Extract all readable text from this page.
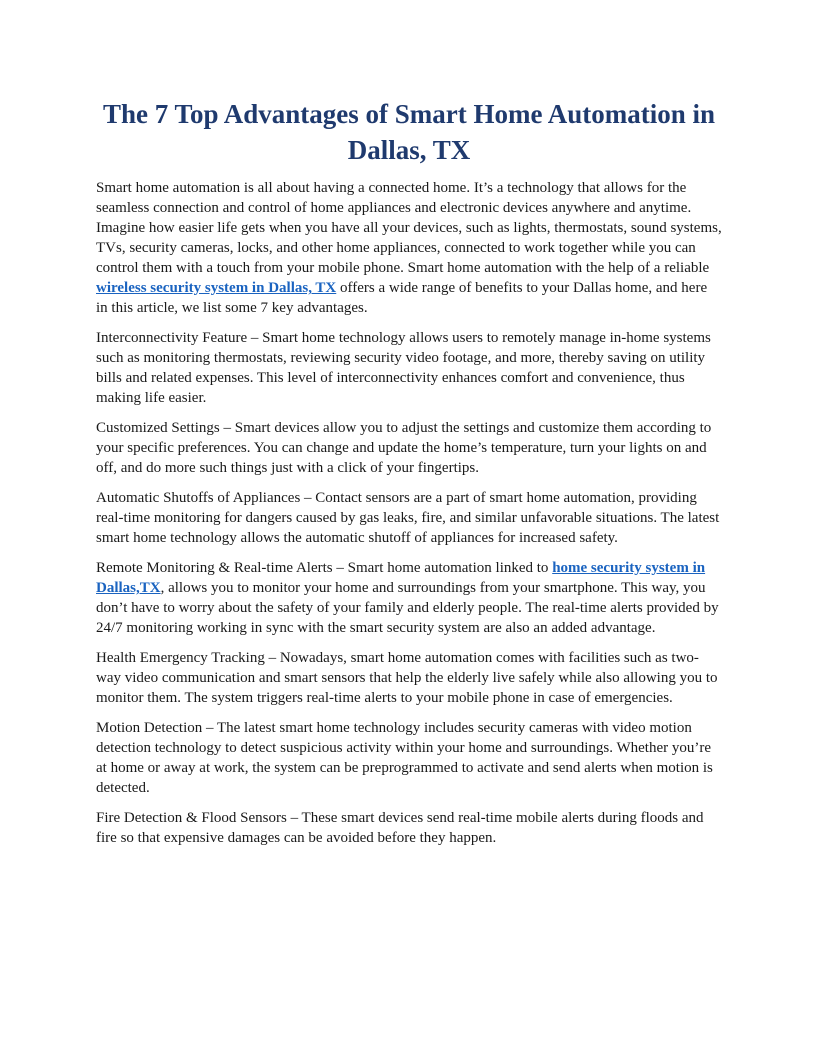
The 7 Top Advantages of Smart Home Automation in Dallas, TX

Smart home automation is all about having a connected home. It’s a technology that allows for the seamless connection and control of home appliances and electronic devices anywhere and anytime. Imagine how easier life gets when you have all your devices, such as lights, thermostats, sound systems, TVs, security cameras, locks, and other home appliances, connected to work together while you can control them with a touch from your mobile phone. Smart home automation with the help of a reliable wireless security system in Dallas, TX offers a wide range of benefits to your Dallas home, and here in this article, we list some 7 key advantages.

Interconnectivity Feature – Smart home technology allows users to remotely manage in-home systems such as monitoring thermostats, reviewing security video footage, and more, thereby saving on utility bills and related expenses. This level of interconnectivity enhances comfort and convenience, thus making life easier.

Customized Settings – Smart devices allow you to adjust the settings and customize them according to your specific preferences. You can change and update the home’s temperature, turn your lights on and off, and do more such things just with a click of your fingertips.

Automatic Shutoffs of Appliances – Contact sensors are a part of smart home automation, providing real-time monitoring for dangers caused by gas leaks, fire, and similar unfavorable situations. The latest smart home technology allows the automatic shutoff of appliances for increased safety.

Remote Monitoring & Real-time Alerts – Smart home automation linked to home security system in Dallas,TX, allows you to monitor your home and surroundings from your smartphone. This way, you don’t have to worry about the safety of your family and elderly people. The real-time alerts provided by 24/7 monitoring working in sync with the smart security system are also an added advantage.

Health Emergency Tracking – Nowadays, smart home automation comes with facilities such as two-way video communication and smart sensors that help the elderly live safely while also allowing you to monitor them. The system triggers real-time alerts to your mobile phone in case of emergencies.

Motion Detection – The latest smart home technology includes security cameras with video motion detection technology to detect suspicious activity within your home and surroundings. Whether you’re at home or away at work, the system can be preprogrammed to activate and send alerts when motion is detected.

Fire Detection & Flood Sensors – These smart devices send real-time mobile alerts during floods and fire so that expensive damages can be avoided before they happen.
